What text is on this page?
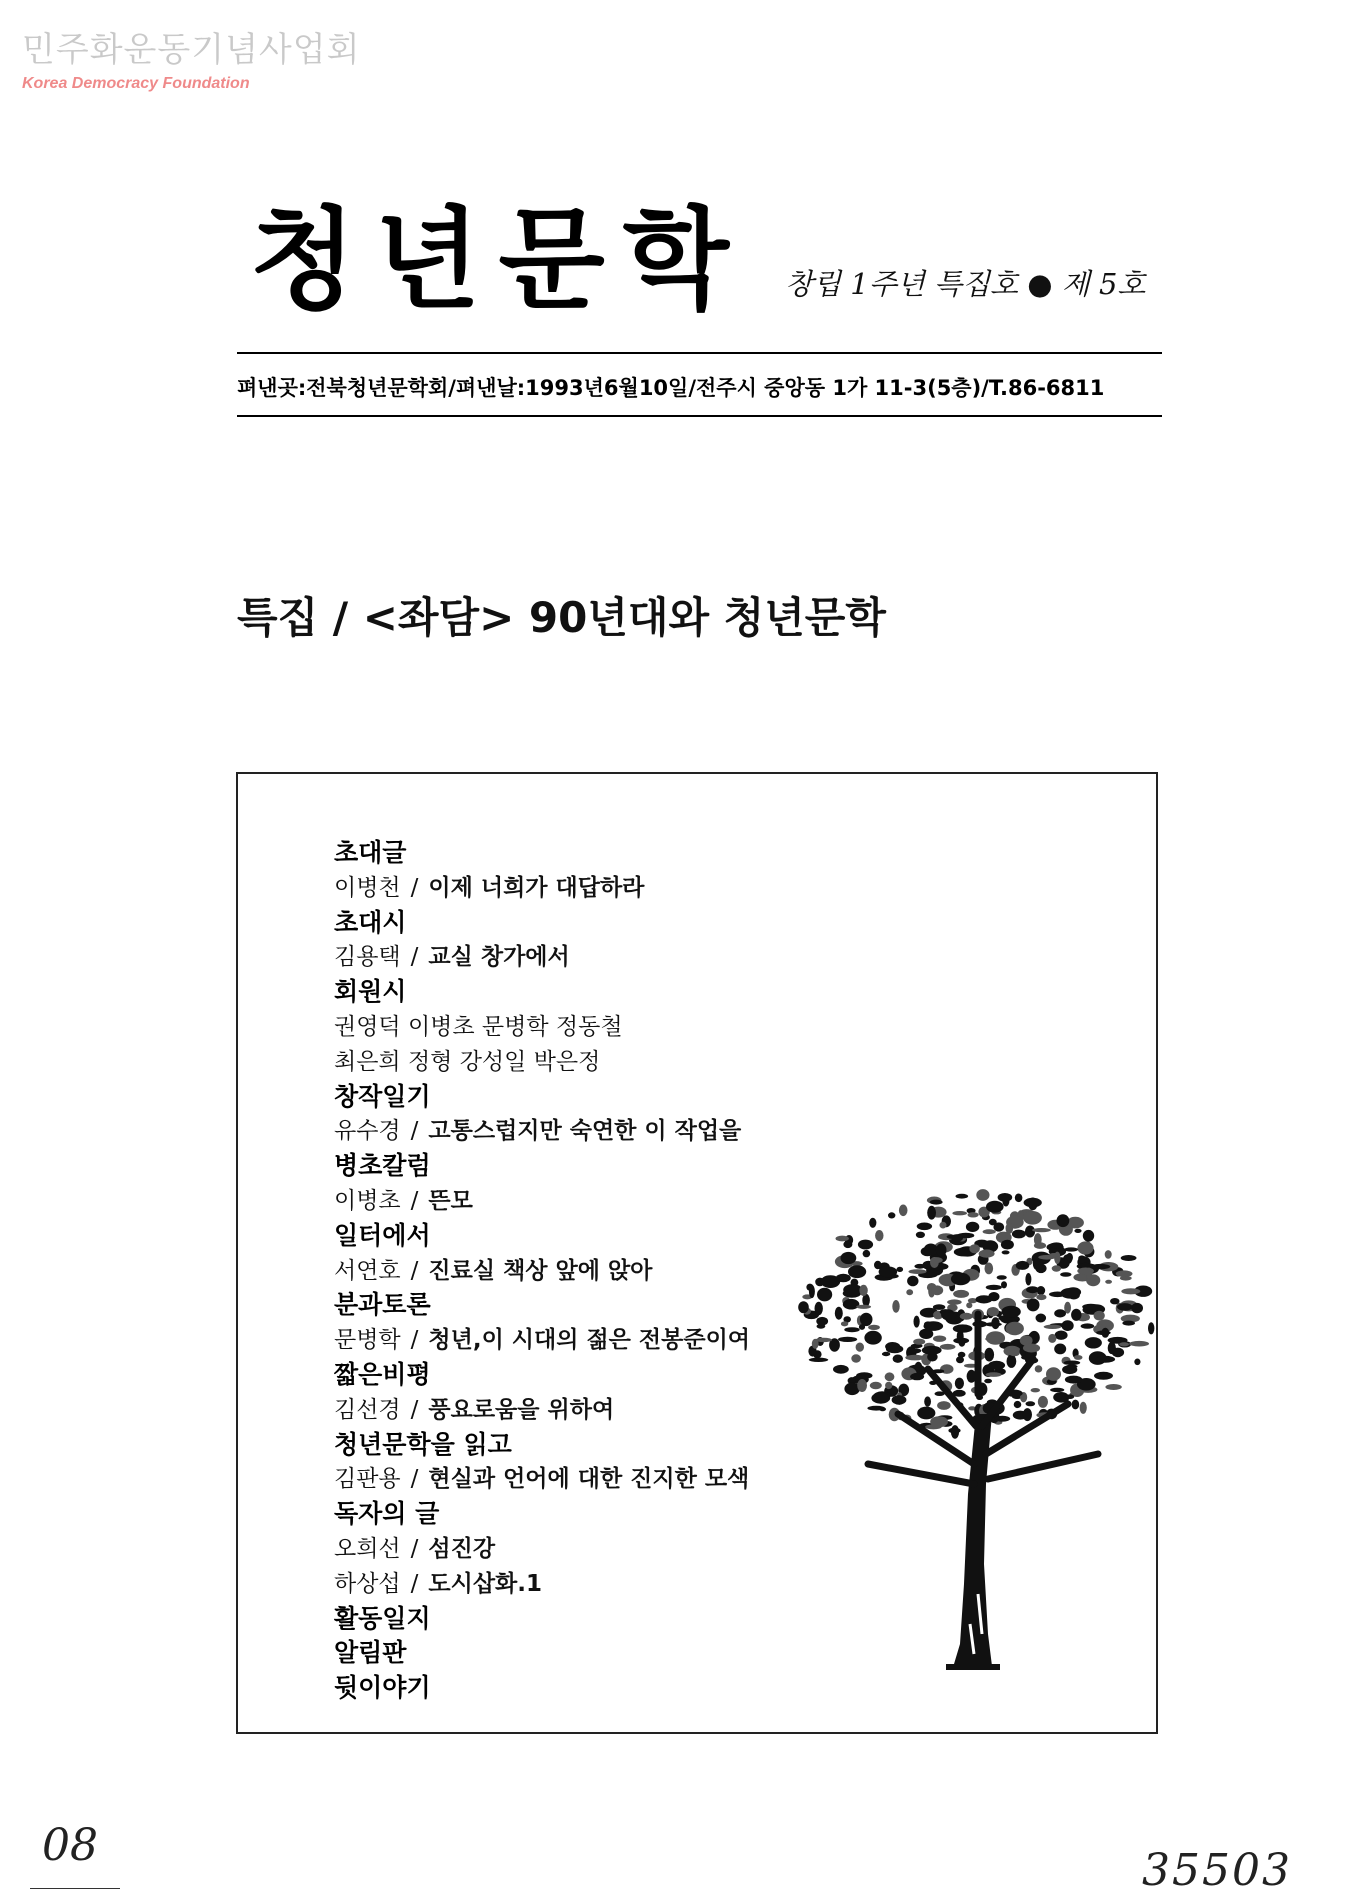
민주화운동기념사업회
Korea Democracy Foundation
청년문학 창립 1주년 특집호 ● 제 5호
펴낸곳:전북청년문학회/펴낸날:1993년6월10일/전주시 중앙동 1가 11-3(5층)/T.86-6811
특집 / <좌담> 90년대와 청년문학
초대글
이병천 / 이제 너희가 대답하라
초대시
김용택 / 교실 창가에서
회원시
권영덕 이병초 문병학 정동철
최은희 정형 강성일 박은정
창작일기
유수경 / 고통스럽지만 숙연한 이 작업을
병초칼럼
이병초 / 뜬모
일터에서
서연호 / 진료실 책상 앞에 앉아
분과토론
문병학 / 청년,이 시대의 젊은 전봉준이여
짧은비평
김선경 / 풍요로움을 위하여
청년문학을 읽고
김판용 / 현실과 언어에 대한 진지한 모색
독자의 글
오희선 / 섬진강
하상섭 / 도시삽화.1
활동일지
알림판
뒷이야기
08	35503
